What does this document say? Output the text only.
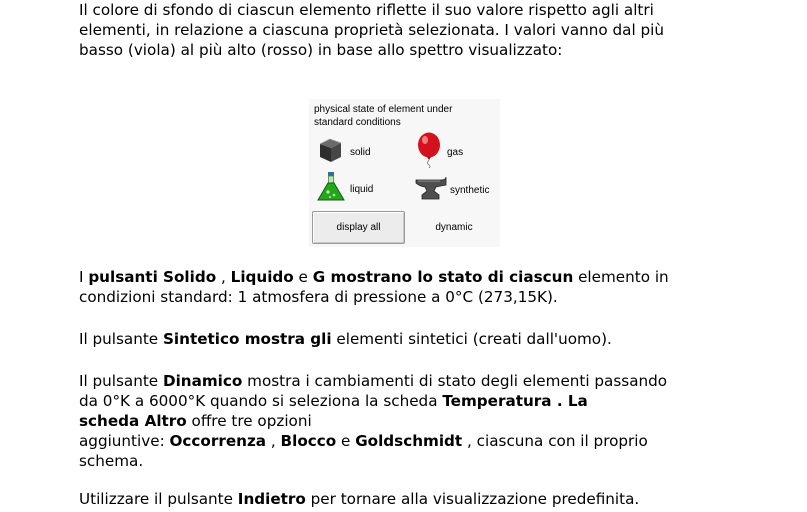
Il colore di sfondo di ciascun elemento riflette il suo valore rispetto agli altri
elementi, in relazione a ciascuna proprietà selezionata. I valori vanno dal più
basso (viola) al più alto (rosso) in base allo spettro visualizzato:
physical state of element under
standard conditions
solid	gas
liquid	synthetic
display all	dynamic
I pulsanti Solido , Liquido e G mostrano lo stato di ciascun elemento in
condizioni standard: 1 atmosfera di pressione a 0°C (273,15K).
Il pulsante Sintetico mostra gli elementi sintetici (creati dall'uomo).
Il pulsante Dinamico mostra i cambiamenti di stato degli elementi passando
da 0°K a 6000°K quando si seleziona la scheda Temperatura . La
scheda Altro offre tre opzioni
aggiuntive: Occorrenza , Blocco e Goldschmidt , ciascuna con il proprio
schema.
Utilizzare il pulsante Indietro per tornare alla visualizzazione predefinita.
